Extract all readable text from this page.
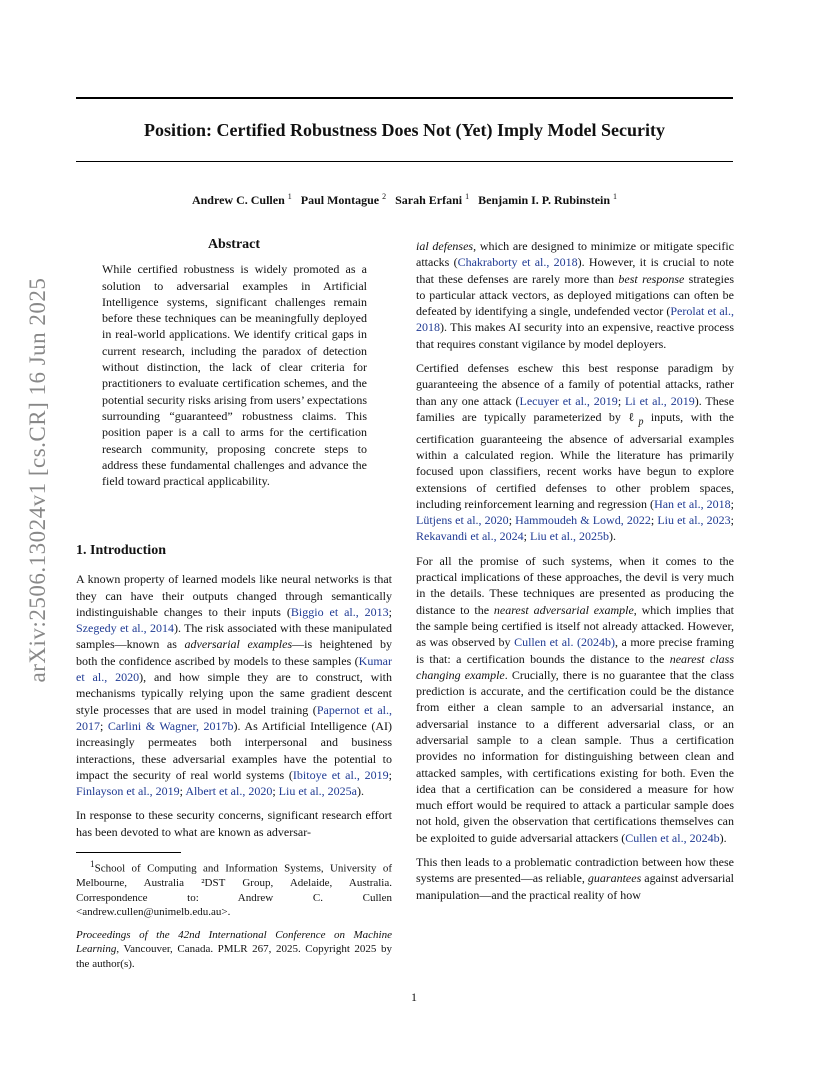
Position: Certified Robustness Does Not (Yet) Imply Model Security
Andrew C. Cullen $^1$ Paul Montague $^2$ Sarah Erfani $^1$ Benjamin I. P. Rubinstein $^1$
arXiv:2506.13024v1 [cs.CR] 16 Jun 2025
Abstract
While certified robustness is widely promoted as a solution to adversarial examples in Artificial Intelligence systems, significant challenges remain before these techniques can be meaningfully deployed in real-world applications. We identify critical gaps in current research, including the paradox of detection without distinction, the lack of clear criteria for practitioners to evaluate certification schemes, and the potential security risks arising from users’ expectations surrounding “guaranteed” robustness claims. This position paper is a call to arms for the certification research community, proposing concrete steps to address these fundamental challenges and advance the field toward practical applicability.
1. Introduction

A known property of learned models like neural networks is that they can have their outputs changed through semantically indistinguishable changes to their inputs (Biggio et al., 2013; Szegedy et al., 2014). The risk associated with these manipulated samples—known as adversarial examples—is heightened by both the confidence ascribed by models to these samples (Kumar et al., 2020), and how simple they are to construct, with mechanisms typically relying upon the same gradient descent style processes that are used in model training (Papernot et al., 2017; Carlini & Wagner, 2017b). As Artificial Intelligence (AI) increasingly permeates both interpersonal and business interactions, these adversarial examples have the potential to impact the security of real world systems (Ibitoye et al., 2019; Finlayson et al., 2019; Albert et al., 2020; Liu et al., 2025a).

In response to these security concerns, significant research effort has been devoted to what are known as adversar-

$^1$School of Computing and Information Systems, University of Melbourne, Australia ²DST Group, Adelaide, Australia. Correspondence to: Andrew C. Cullen <andrew.cullen@unimelb.edu.au>.

Proceedings of the 42nd International Conference on Machine Learning, Vancouver, Canada. PMLR 267, 2025. Copyright 2025 by the author(s).

ial defenses, which are designed to minimize or mitigate specific attacks (Chakraborty et al., 2018). However, it is crucial to note that these defenses are rarely more than best response strategies to particular attack vectors, as deployed mitigations can often be defeated by identifying a single, undefended vector (Perolat et al., 2018). This makes AI security into an expensive, reactive process that requires constant vigilance by model deployers.

Certified defenses eschew this best response paradigm by guaranteeing the absence of a family of potential attacks, rather than any one attack (Lecuyer et al., 2019; Li et al., 2019). These families are typically parameterized by ℓ$_p$ inputs, with the certification guaranteeing the absence of adversarial examples within a calculated region. While the literature has primarily focused upon classifiers, recent works have begun to explore extensions of certified defenses to other problem spaces, including reinforcement learning and regression (Han et al., 2018; Lütjens et al., 2020; Hammoudeh & Lowd, 2022; Liu et al., 2023; Rekavandi et al., 2024; Liu et al., 2025b).

For all the promise of such systems, when it comes to the practical implications of these approaches, the devil is very much in the details. These techniques are presented as producing the distance to the nearest adversarial example, which implies that the sample being certified is itself not already attacked. However, as was observed by Cullen et al. (2024b), a more precise framing is that: a certification bounds the distance to the nearest class changing example. Crucially, there is no guarantee that the class prediction is accurate, and the certification could be the distance from either a clean sample to an adversarial instance, an adversarial instance to a different adversarial class, or an adversarial sample to a clean sample. Thus a certification provides no information for distinguishing between clean and attacked samples, with certifications existing for both. Even the idea that a certification can be considered a measure for how much effort would be required to attack a particular sample does not hold, given the observation that certifications themselves can be exploited to guide adversarial attackers (Cullen et al., 2024b).

This then leads to a problematic contradiction between how these systems are presented—as reliable, guarantees against adversarial manipulation—and the practical reality of how

1
